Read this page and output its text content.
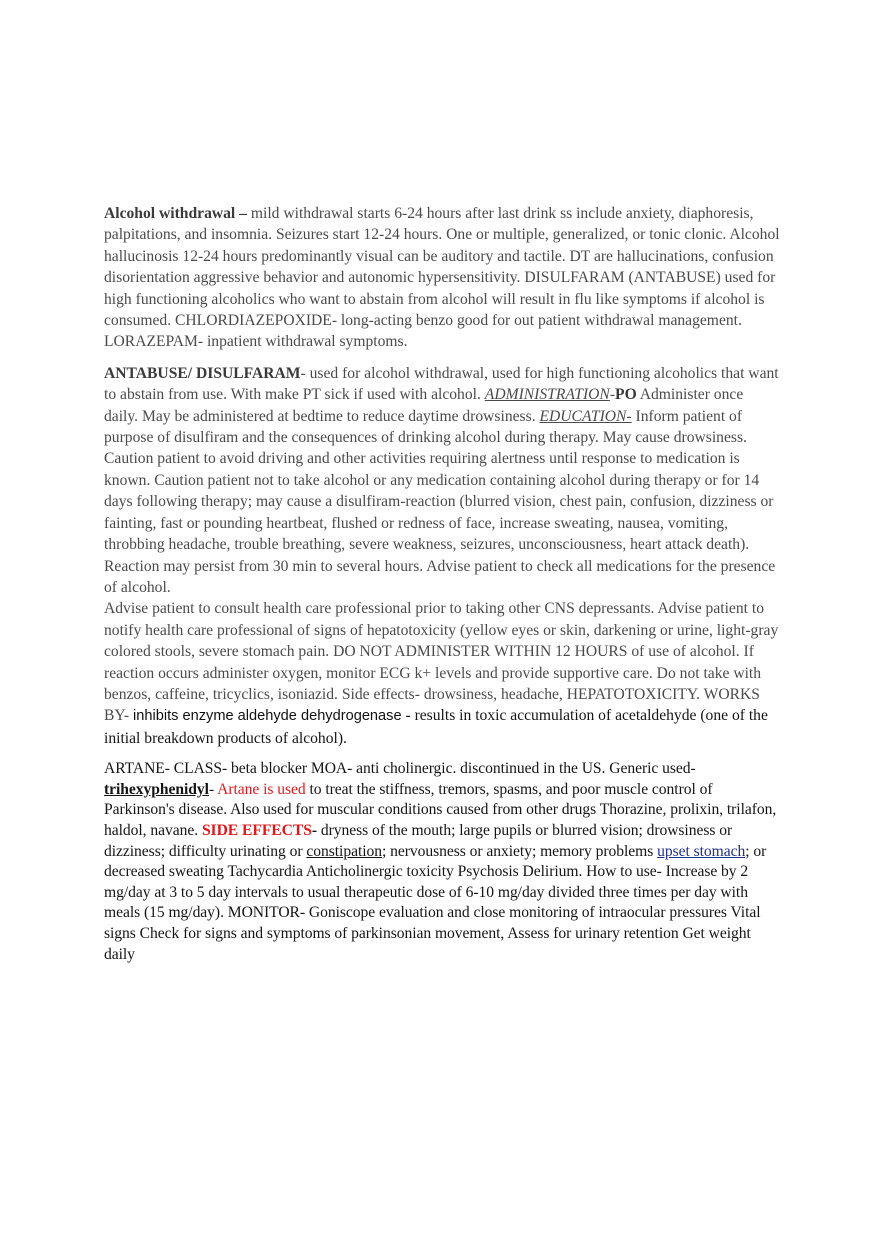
Alcohol withdrawal – mild withdrawal starts 6-24 hours after last drink ss include anxiety, diaphoresis, palpitations, and insomnia. Seizures start 12-24 hours. One or multiple, generalized, or tonic clonic. Alcohol hallucinosis 12-24 hours predominantly visual can be auditory and tactile. DT are hallucinations, confusion disorientation aggressive behavior and autonomic hypersensitivity. DISULFARAM (ANTABUSE) used for high functioning alcoholics who want to abstain from alcohol will result in flu like symptoms if alcohol is consumed. CHLORDIAZEPOXIDE- long-acting benzo good for out patient withdrawal management. LORAZEPAM- inpatient withdrawal symptoms.

ANTABUSE/ DISULFARAM- used for alcohol withdrawal, used for high functioning alcoholics that want to abstain from use. With make PT sick if used with alcohol. ADMINISTRATION-PO Administer once daily. May be administered at bedtime to reduce daytime drowsiness. EDUCATION- Inform patient of purpose of disulfiram and the consequences of drinking alcohol during therapy. May cause drowsiness. Caution patient to avoid driving and other activities requiring alertness until response to medication is known. Caution patient not to take alcohol or any medication containing alcohol during therapy or for 14 days following therapy; may cause a disulfiram-reaction (blurred vision, chest pain, confusion, dizziness or fainting, fast or pounding heartbeat, flushed or redness of face, increase sweating, nausea, vomiting, throbbing headache, trouble breathing, severe weakness, seizures, unconsciousness, heart attack death). Reaction may persist from 30 min to several hours. Advise patient to check all medications for the presence of alcohol.

Advise patient to consult health care professional prior to taking other CNS depressants. Advise patient to notify health care professional of signs of hepatotoxicity (yellow eyes or skin, darkening or urine, light-gray colored stools, severe stomach pain. DO NOT ADMINISTER WITHIN 12 HOURS of use of alcohol. If reaction occurs administer oxygen, monitor ECG k+ levels and provide supportive care. Do not take with benzos, caffeine, tricyclics, isoniazid. Side effects- drowsiness, headache, HEPATOTOXICITY. WORKS BY- inhibits enzyme aldehyde dehydrogenase - results in toxic accumulation of acetaldehyde (one of the initial breakdown products of alcohol).

ARTANE- CLASS- beta blocker MOA- anti cholinergic. discontinued in the US. Generic used- trihexyphenidyl- Artane is used to treat the stiffness, tremors, spasms, and poor muscle control of Parkinson's disease. Also used for muscular conditions caused from other drugs Thorazine, prolixin, trilafon, haldol, navane. SIDE EFFECTS- dryness of the mouth; large pupils or blurred vision; drowsiness or dizziness; difficulty urinating or constipation; nervousness or anxiety; memory problems upset stomach; or decreased sweating Tachycardia Anticholinergic toxicity Psychosis Delirium. How to use- Increase by 2 mg/day at 3 to 5 day intervals to usual therapeutic dose of 6-10 mg/day divided three times per day with meals (15 mg/day). MONITOR- Goniscope evaluation and close monitoring of intraocular pressures Vital signs Check for signs and symptoms of parkinsonian movement, Assess for urinary retention Get weight daily
